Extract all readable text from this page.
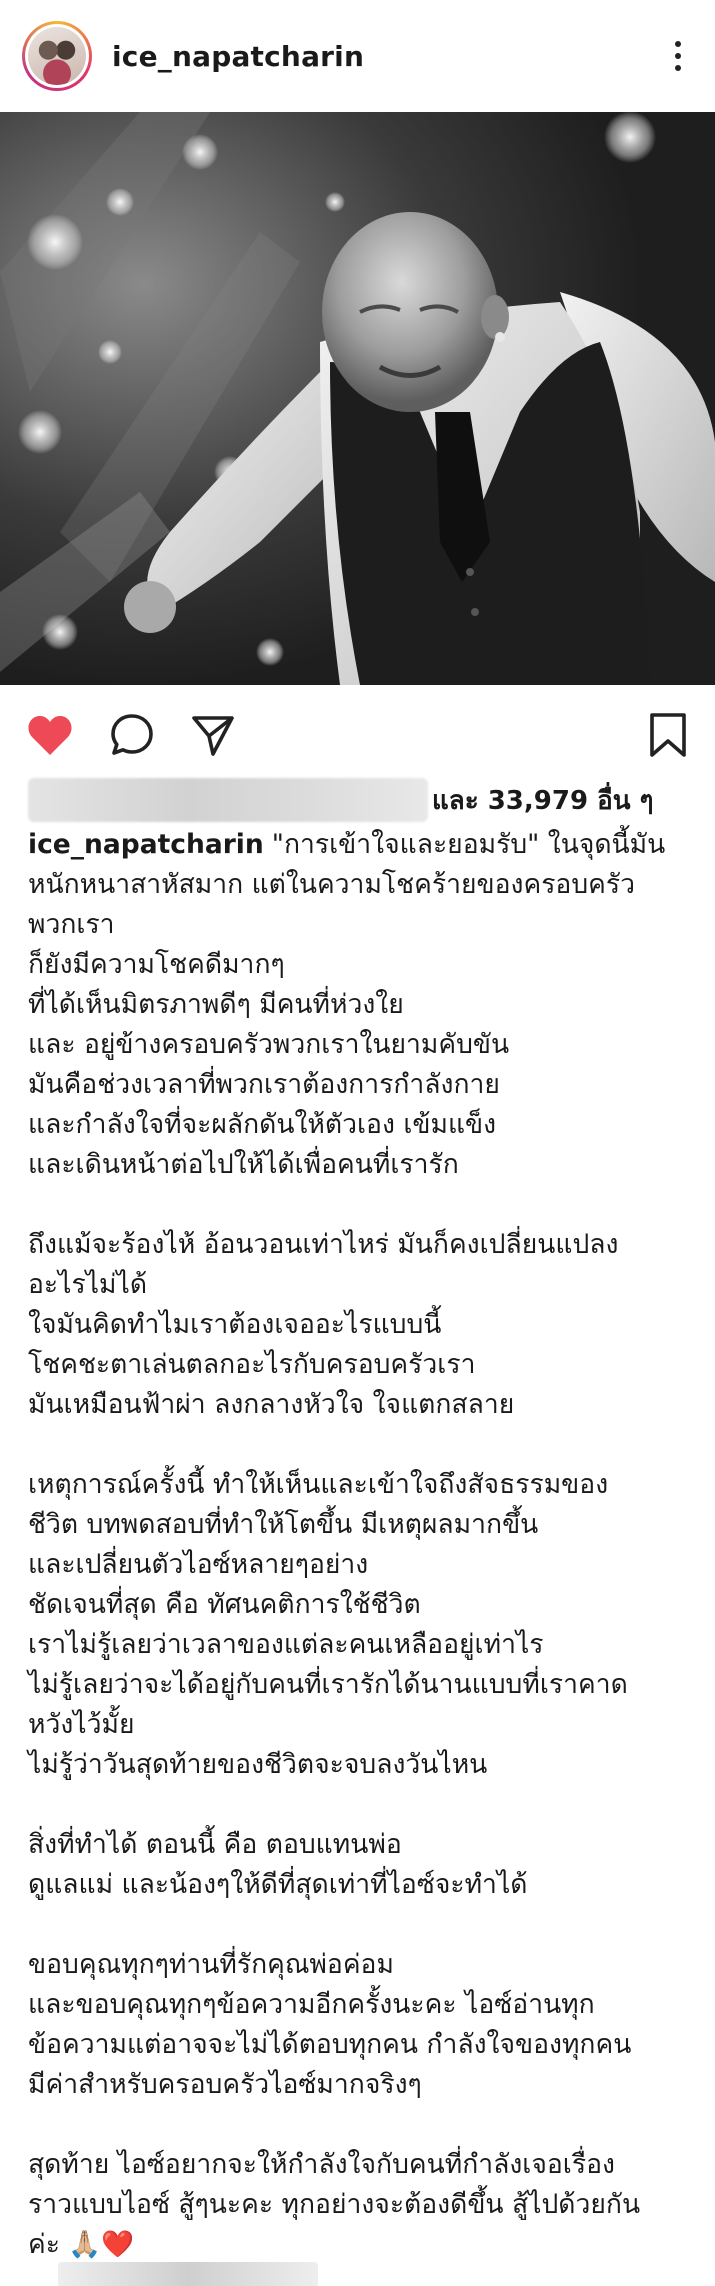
ice_napatcharin
และ 33,979 อื่น ๆ

ice_napatcharin "การเข้าใจและยอมรับ" ในจุดนี้มัน

หนักหนาสาหัสมาก แต่ในความโชคร้ายของครอบครัว

พวกเรา

ก็ยังมีความโชคดีมากๆ

ที่ได้เห็นมิตรภาพดีๆ มีคนที่ห่วงใย

และ อยู่ข้างครอบครัวพวกเราในยามคับขัน

มันคือช่วงเวลาที่พวกเราต้องการกำลังกาย

และกำลังใจที่จะผลักดันให้ตัวเอง เข้มแข็ง

และเดินหน้าต่อไปให้ได้เพื่อคนที่เรารัก

ถึงแม้จะร้องไห้ อ้อนวอนเท่าไหร่ มันก็คงเปลี่ยนแปลง

อะไรไม่ได้

ใจมันคิดทำไมเราต้องเจออะไรแบบนี้

โชคชะตาเล่นตลกอะไรกับครอบครัวเรา

มันเหมือนฟ้าผ่า ลงกลางหัวใจ ใจแตกสลาย

เหตุการณ์ครั้งนี้ ทำให้เห็นและเข้าใจถึงสัจธรรมของ

ชีวิต บทพดสอบที่ทำให้โตขึ้น มีเหตุผลมากขึ้น

และเปลี่ยนตัวไอซ์หลายๆอย่าง

ชัดเจนที่สุด คือ ทัศนคติการใช้ชีวิต

เราไม่รู้เลยว่าเวลาของแต่ละคนเหลืออยู่เท่าไร

ไม่รู้เลยว่าจะได้อยู่กับคนที่เรารักได้นานแบบที่เราคาด

หวังไว้มั้ย

ไม่รู้ว่าวันสุดท้ายของชีวิตจะจบลงวันไหน

สิ่งที่ทำได้ ตอนนี้ คือ ตอบแทนพ่อ

ดูแลแม่ และน้องๆให้ดีที่สุดเท่าที่ไอซ์จะทำได้

ขอบคุณทุกๆท่านที่รักคุณพ่อค่อม

และขอบคุณทุกๆข้อความอีกครั้งนะคะ ไอซ์อ่านทุก

ข้อความแต่อาจจะไม่ได้ตอบทุกคน กำลังใจของทุกคน

มีค่าสำหรับครอบครัวไอซ์มากจริงๆ

สุดท้าย ไอซ์อยากจะให้กำลังใจกับคนที่กำลังเจอเรื่อง

ราวแบบไอซ์ สู้ๆนะคะ ทุกอย่างจะต้องดีขึ้น สู้ไปด้วยกัน

ค่ะ 🙏🏼❤️
